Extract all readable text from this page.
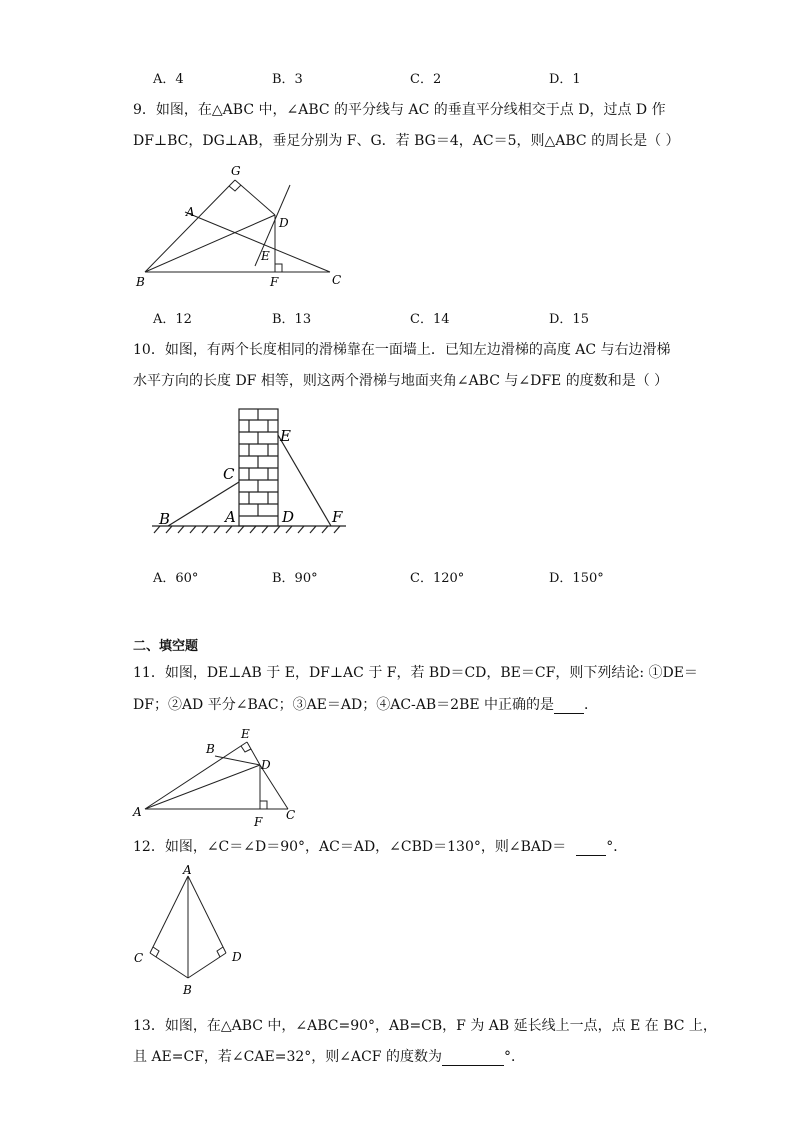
A．4	B．3	C．2	D．1
9．如图，在△ABC 中，∠ABC 的平分线与 AC 的垂直平分线相交于点 D，过点 D 作
DF⊥BC，DG⊥AB，垂足分别为 F、G．若 BG＝4，AC＝5，则△ABC 的周长是（ ）
G
A
D
E
B	F	C
A．12	B．13	C．14	D．15
10．如图，有两个长度相同的滑梯靠在一面墙上．已知左边滑梯的高度 AC 与右边滑梯
水平方向的长度 DF 相等，则这两个滑梯与地面夹角∠ABC 与∠DFE 的度数和是（ ）
E
C
B	A	D	F
A．60°	B．90°	C．120°	D．150°
二、填空题
11．如图，DE⊥AB 于 E，DF⊥AC 于 F，若 BD＝CD，BE＝CF，则下列结论: ①DE＝
DF；②AD 平分∠BAC；③AE＝AD；④AC-AB＝2BE 中正确的是 ．
B
E
D
A
F C
12．如图，∠C＝∠D＝90°，AC＝AD，∠CBD＝130°，则∠BAD＝	°．
A
C	D
B
13．如图，在△ABC 中，∠ABC=90°，AB=CB，F 为 AB 延长线上一点，点 E 在 BC 上，
且 AE=CF，若∠CAE=32°，则∠ACF 的度数为	°．
